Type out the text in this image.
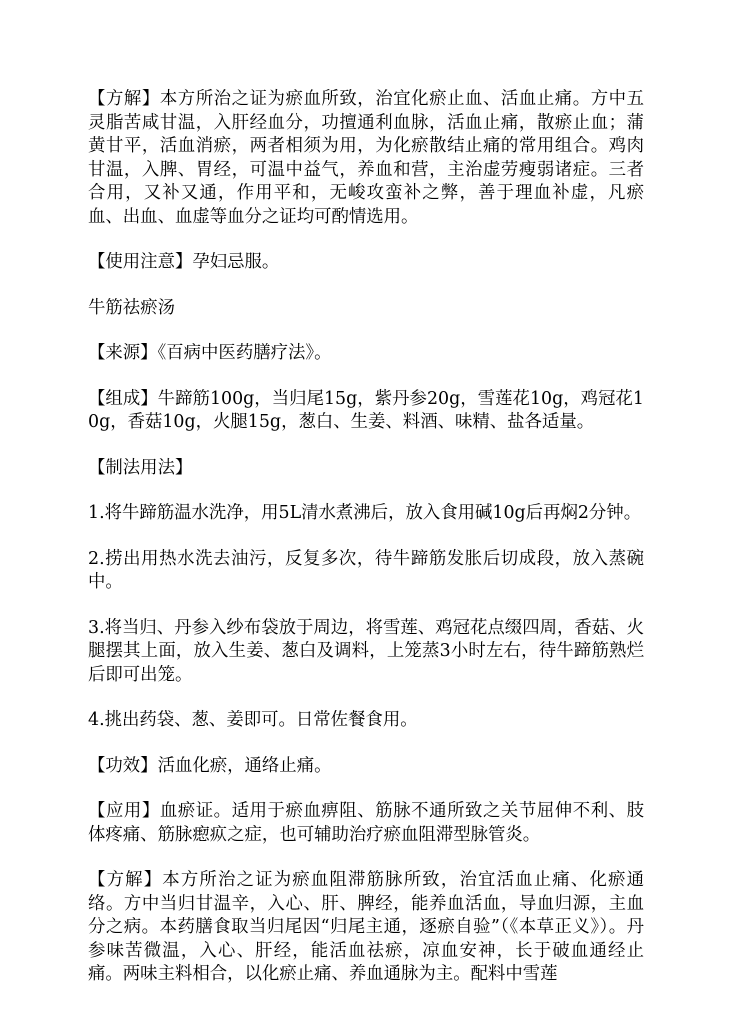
【方解】本方所治之证为瘀血所致，治宜化瘀止血、活血止痛。方中五灵脂苦咸甘温，入肝经血分，功擅通利血脉，活血止痛，散瘀止血；蒲黄甘平，活血消瘀，两者相须为用，为化瘀散结止痛的常用组合。鸡肉甘温，入脾、胃经，可温中益气，养血和营，主治虚劳瘦弱诸症。三者合用，又补又通，作用平和，无峻攻蛮补之弊，善于理血补虚，凡瘀血、出血、血虚等血分之证均可酌情选用。

【使用注意】孕妇忌服。

牛筋祛瘀汤

【来源】《百病中医药膳疗法》。

【组成】牛蹄筋100g，当归尾15g，紫丹参20g，雪莲花10g，鸡冠花10g，香菇10g，火腿15g，葱白、生姜、料酒、味精、盐各适量。

【制法用法】

1.将牛蹄筋温水洗净，用5L清水煮沸后，放入食用碱10g后再焖2分钟。

2.捞出用热水洗去油污，反复多次，待牛蹄筋发胀后切成段，放入蒸碗中。

3.将当归、丹参入纱布袋放于周边，将雪莲、鸡冠花点缀四周，香菇、火腿摆其上面，放入生姜、葱白及调料，上笼蒸3小时左右，待牛蹄筋熟烂后即可出笼。

4.挑出药袋、葱、姜即可。日常佐餐食用。

【功效】活血化瘀，通络止痛。

【应用】血瘀证。适用于瘀血痹阻、筋脉不通所致之关节屈伸不利、肢体疼痛、筋脉瘛疭之症，也可辅助治疗瘀血阻滞型脉管炎。

【方解】本方所治之证为瘀血阻滞筋脉所致，治宜活血止痛、化瘀通络。方中当归甘温辛，入心、肝、脾经，能养血活血，导血归源，主血分之病。本药膳食取当归尾因“归尾主通，逐瘀自验”（《本草正义》）。丹参味苦微温，入心、肝经，能活血祛瘀，凉血安神，长于破血通经止痛。两味主料相合，以化瘀止痛、养血通脉为主。配料中雪莲
